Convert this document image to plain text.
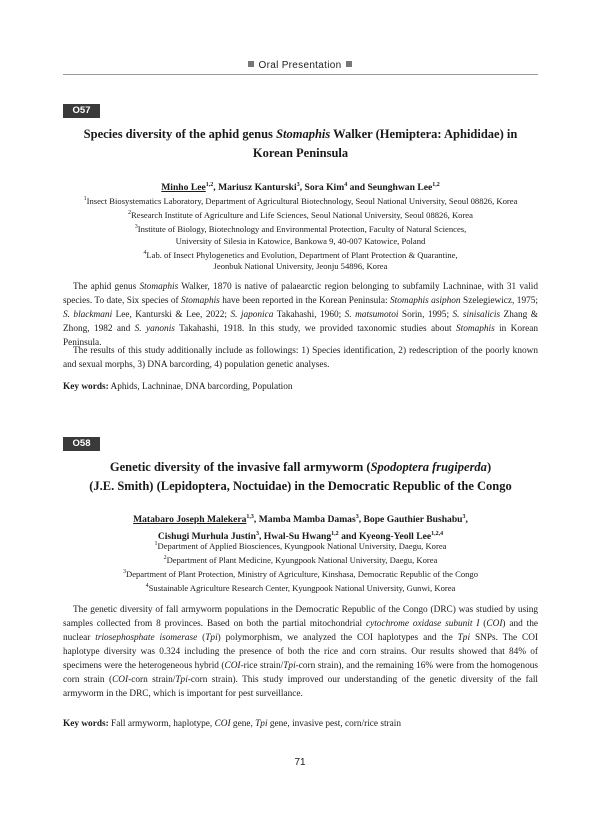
Oral Presentation
O57
Species diversity of the aphid genus Stomaphis Walker (Hemiptera: Aphididae) in
Korean Peninsula
Minho Lee$^{1,2}$, Mariusz Kanturski$^3$, Sora Kim$^4$ and Seunghwan Lee$^{1,2}$
$^1$Insect Biosystematics Laboratory, Department of Agricultural Biotechnology, Seoul National University, Seoul 08826, Korea
$^2$Research Institute of Agriculture and Life Sciences, Seoul National University, Seoul 08826, Korea
$^3$Institute of Biology, Biotechnology and Environmental Protection, Faculty of Natural Sciences,
University of Silesia in Katowice, Bankowa 9, 40-007 Katowice, Poland
$^4$Lab. of Insect Phylogenetics and Evolution, Department of Plant Protection & Quarantine,
Jeonbuk National University, Jeonju 54896, Korea
The aphid genus Stomaphis Walker, 1870 is native of palaearctic region belonging to subfamily Lachninae, with 31 valid species. To date, Six species of Stomaphis have been reported in the Korean Peninsula: Stomaphis asiphon Szelegiewicz, 1975; S. blackmani Lee, Kanturski & Lee, 2022; S. japonica Takahashi, 1960; S. matsumotoi Sorin, 1995; S. sinisalicis Zhang & Zhong, 1982 and S. yanonis Takahashi, 1918. In this study, we provided taxonomic studies about Stomaphis in Korean Peninsula.
The results of this study additionally include as followings: 1) Species identification, 2) redescription of the poorly known and sexual morphs, 3) DNA barcording, 4) population genetic analyses.
Key words: Aphids, Lachninae, DNA barcording, Population
O58
Genetic diversity of the invasive fall armyworm (Spodoptera frugiperda)
(J.E. Smith) (Lepidoptera, Noctuidae) in the Democratic Republic of the Congo
Matabaro Joseph Malekera$^{1,3}$, Mamba Mamba Damas$^3$, Bope Gauthier Bushabu$^3$,
Cishugi Murhula Justin$^3$, Hwal-Su Hwang$^{1,2}$ and Kyeong-Yeoll Lee$^{1,2,4}$
$^1$Department of Applied Biosciences, Kyungpook National University, Daegu, Korea
$^2$Department of Plant Medicine, Kyungpook National University, Daegu, Korea
$^3$Department of Plant Protection, Ministry of Agriculture, Kinshasa, Democratic Republic of the Congo
$^4$Sustainable Agriculture Research Center, Kyungpook National University, Gunwi, Korea
The genetic diversity of fall armyworm populations in the Democratic Republic of the Congo (DRC) was studied by using samples collected from 8 provinces. Based on both the partial mitochondrial cytochrome oxidase subunit I (COI) and the nuclear triosephosphate isomerase (Tpi) polymorphism, we analyzed the COI haplotypes and the Tpi SNPs. The COI haplotype diversity was 0.324 including the presence of both the rice and corn strains. Our results showed that 84% of specimens were the heterogeneous hybrid (COI-rice strain/Tpi-corn strain), and the remaining 16% were from the homogenous corn strain (COI-corn strain/Tpi-corn strain). This study improved our understanding of the genetic diversity of the fall armyworm in the DRC, which is important for pest surveillance.
Key words: Fall armyworm, haplotype, COI gene, Tpi gene, invasive pest, corn/rice strain
71
